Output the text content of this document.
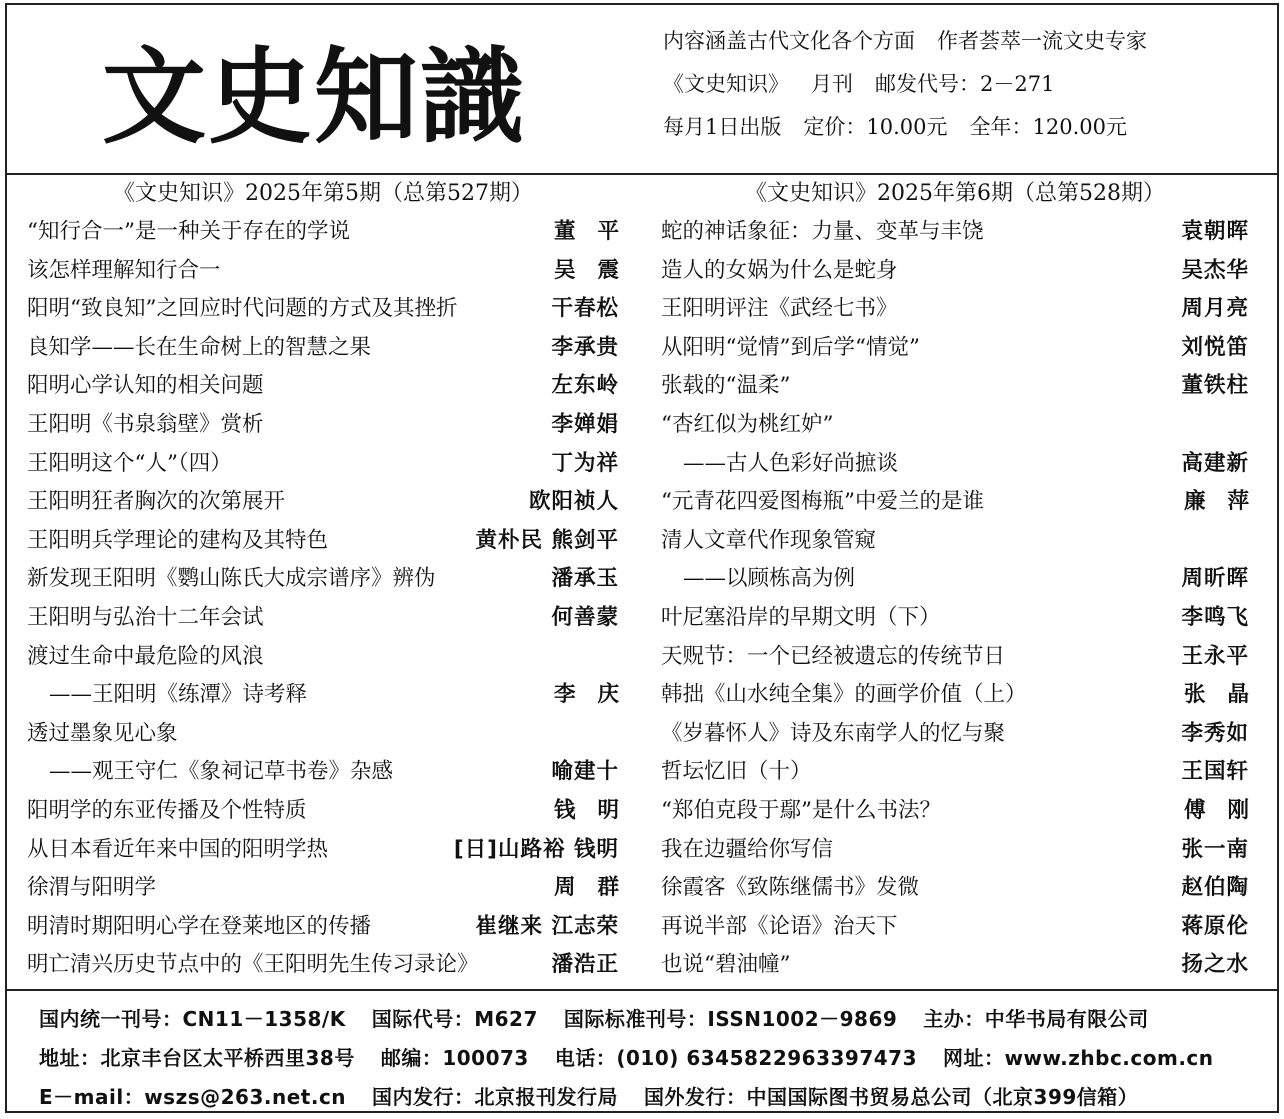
文史知識	内容涵盖古代文化各个方面 作者荟萃一流文史专家
《文史知识》 月刊 邮发代号：2－271
每月1日出版 定价：10.00元 全年：120.00元
《文史知识》2025年第5期（总第527期）
“知行合一”是一种关于存在的学说	董平
该怎样理解知行合一	吴震
阳明“致良知”之回应时代问题的方式及其挫折	干春松
良知学——长在生命树上的智慧之果	李承贵
阳明心学认知的相关问题	左东岭
王阳明《书泉翁壁》赏析	李婵娟
王阳明这个“人”（四）	丁为祥
王阳明狂者胸次的次第展开	欧阳祯人
王阳明兵学理论的建构及其特色	黄朴民 熊剑平
新发现王阳明《鹦山陈氏大成宗谱序》辨伪	潘承玉
王阳明与弘治十二年会试	何善蒙
渡过生命中最危险的风浪
——王阳明《练潭》诗考释	李庆
透过墨象见心象
——观王守仁《象祠记草书卷》杂感	喻建十
阳明学的东亚传播及个性特质	钱明
从日本看近年来中国的阳明学热	[日]山路裕 钱明
徐渭与阳明学	周群
明清时期阳明心学在登莱地区的传播	崔继来 江志荣
明亡清兴历史节点中的《王阳明先生传习录论》	潘浩正
《文史知识》2025年第6期（总第528期）
蛇的神话象征：力量、变革与丰饶	袁朝晖
造人的女娲为什么是蛇身	吴杰华
王阳明评注《武经七书》	周月亮
从阳明“觉情”到后学“情觉”	刘悦笛
张载的“温柔”	董铁柱
“杏红似为桃红妒”
——古人色彩好尚摭谈	高建新
“元青花四爱图梅瓶”中爱兰的是谁	廉萍
清人文章代作现象管窥
——以顾栋高为例	周昕晖
叶尼塞沿岸的早期文明（下）	李鸣飞
天贶节：一个已经被遗忘的传统节日	王永平
韩拙《山水纯全集》的画学价值（上）	张晶
《岁暮怀人》诗及东南学人的忆与聚	李秀如
哲坛忆旧（十）	王国轩
“郑伯克段于鄢”是什么书法？	傅刚
我在边疆给你写信	张一南
徐霞客《致陈继儒书》发微	赵伯陶
再说半部《论语》治天下	蒋原伦
也说“碧油幢”	扬之水
国内统一刊号：CN11－1358/K 国际代号：M627 国际标准刊号：ISSN1002－9869 主办：中华书局有限公司
地址：北京丰台区太平桥西里38号 邮编：100073 电话：(010) 6345822963397473 网址：www.zhbc.com.cn
E－mail：wszs@263.net.cn 国内发行：北京报刊发行局 国外发行：中国国际图书贸易总公司（北京399信箱）
